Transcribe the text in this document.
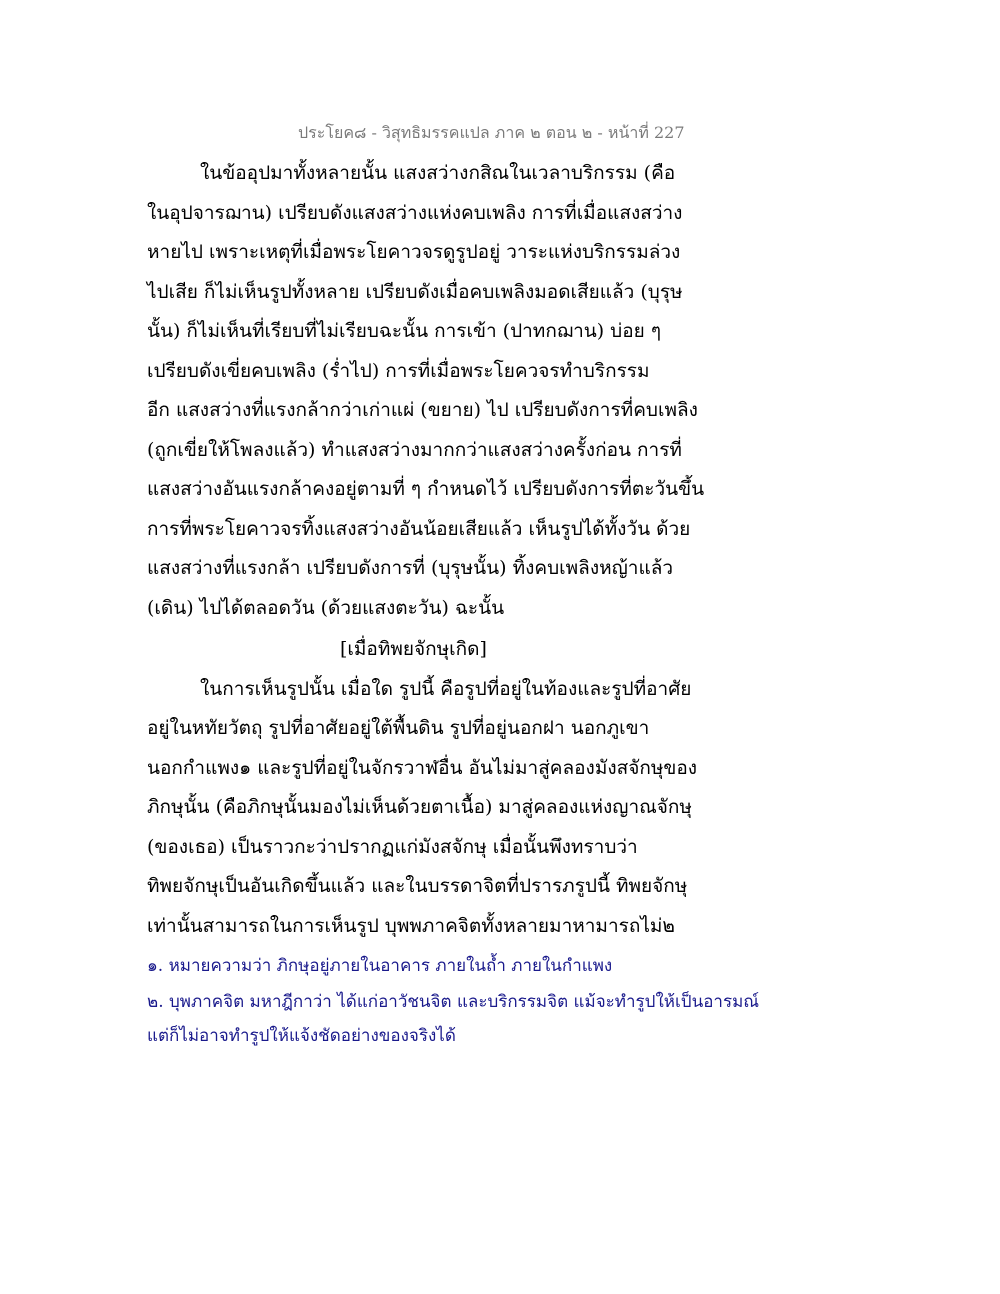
ประโยค๘ - วิสุทธิมรรคแปล ภาค ๒ ตอน ๒ - หน้าที่ 227
ในข้ออุปมาทั้งหลายนั้น แสงสว่างกสิณในเวลาบริกรรม (คือ
ในอุปจารฌาน) เปรียบดังแสงสว่างแห่งคบเพลิง การที่เมื่อแสงสว่าง
หายไป เพราะเหตุที่เมื่อพระโยคาวจรดูรูปอยู่ วาระแห่งบริกรรมล่วง
ไปเสีย ก็ไม่เห็นรูปทั้งหลาย เปรียบดังเมื่อคบเพลิงมอดเสียแล้ว (บุรุษ
นั้น) ก็ไม่เห็นที่เรียบที่ไม่เรียบฉะนั้น การเข้า (ปาทกฌาน) บ่อย ๆ
เปรียบดังเขี่ยคบเพลิง (ร่ำไป) การที่เมื่อพระโยควจรทำบริกรรม
อีก แสงสว่างที่แรงกล้ากว่าเก่าแผ่ (ขยาย) ไป เปรียบดังการที่คบเพลิง
(ถูกเขี่ยให้โพลงแล้ว) ทำแสงสว่างมากกว่าแสงสว่างครั้งก่อน การที่
แสงสว่างอันแรงกล้าคงอยู่ตามที่ ๆ กำหนดไว้ เปรียบดังการที่ตะวันขึ้น
การที่พระโยคาวจรทิ้งแสงสว่างอันน้อยเสียแล้ว เห็นรูปได้ทั้งวัน ด้วย
แสงสว่างที่แรงกล้า เปรียบดังการที่ (บุรุษนั้น) ทิ้งคบเพลิงหญ้าแล้ว
(เดิน) ไปได้ตลอดวัน (ด้วยแสงตะวัน) ฉะนั้น
[เมื่อทิพยจักษุเกิด]
ในการเห็นรูปนั้น เมื่อใด รูปนี้ คือรูปที่อยู่ในท้องและรูปที่อาศัย
อยู่ในหทัยวัตถุ รูปที่อาศัยอยู่ใต้พื้นดิน รูปที่อยู่นอกฝา นอกภูเขา
นอกกำแพง๑ และรูปที่อยู่ในจักรวาฬอื่น อันไม่มาสู่คลองมังสจักษุของ
ภิกษุนั้น (คือภิกษุนั้นมองไม่เห็นด้วยตาเนื้อ) มาสู่คลองแห่งญาณจักษุ
(ของเธอ) เป็นราวกะว่าปรากฏแก่มังสจักษุ เมื่อนั้นพึงทราบว่า
ทิพยจักษุเป็นอันเกิดขึ้นแล้ว และในบรรดาจิตที่ปรารภรูปนี้ ทิพยจักษุ
เท่านั้นสามารถในการเห็นรูป บุพพภาคจิตทั้งหลายมาหามารถไม่๒
๑. หมายความว่า ภิกษุอยู่ภายในอาคาร ภายในถ้ำ ภายในกำแพง
๒. บุพภาคจิต มหาฎีกาว่า ได้แก่อาวัชนจิต และบริกรรมจิต แม้จะทำรูปให้เป็นอารมณ์
แต่ก็ไม่อาจทำรูปให้แจ้งชัดอย่างของจริงได้
